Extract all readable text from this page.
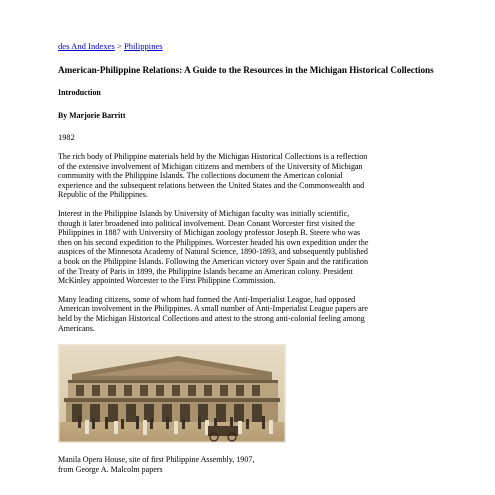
des And Indexes > Philippines
American-Philippine Relations: A Guide to the Resources in the Michigan Historical Collections
Introduction
By Marjorie Barritt
1982
The rich body of Philippine materials held by the Michigan Historical Collections is a reflection
of the extensive involvement of Michigan citizens and members of the University of Michigan
community with the Philippine Islands. The collections document the American colonial
experience and the subsequent relations between the United States and the Commonwealth and
Republic of the Philippines.
Interest in the Philippine Islands by University of Michigan faculty was initially scientific,
though it later broadened into political involvement. Dean Conant Worcester first visited the
Philippines in 1887 with University of Michigan zoology professor Joseph B. Steere who was
then on his second expedition to the Philippines. Worcester headed his own expedition under the
auspices of the Minnesota Academy of Natural Science, 1890-1893, and subsequently published
a book on the Philippine Islands. Following the American victory over Spain and the ratification
of the Treaty of Paris in 1899, the Philippine Islands became an American colony. President
McKinley appointed Worcester to the First Philippine Commission.
Many leading citizens, some of whom had formed the Anti-Imperialist League, had opposed
American involvement in the Philippines. A small number of Anti-Imperialist League papers are
held by the Michigan Historical Collections and attest to the strong anti-colonial feeling among
Americans.
Manila Opera House, site of first Philippine Assembly, 1907,
from George A. Malcolm papers
